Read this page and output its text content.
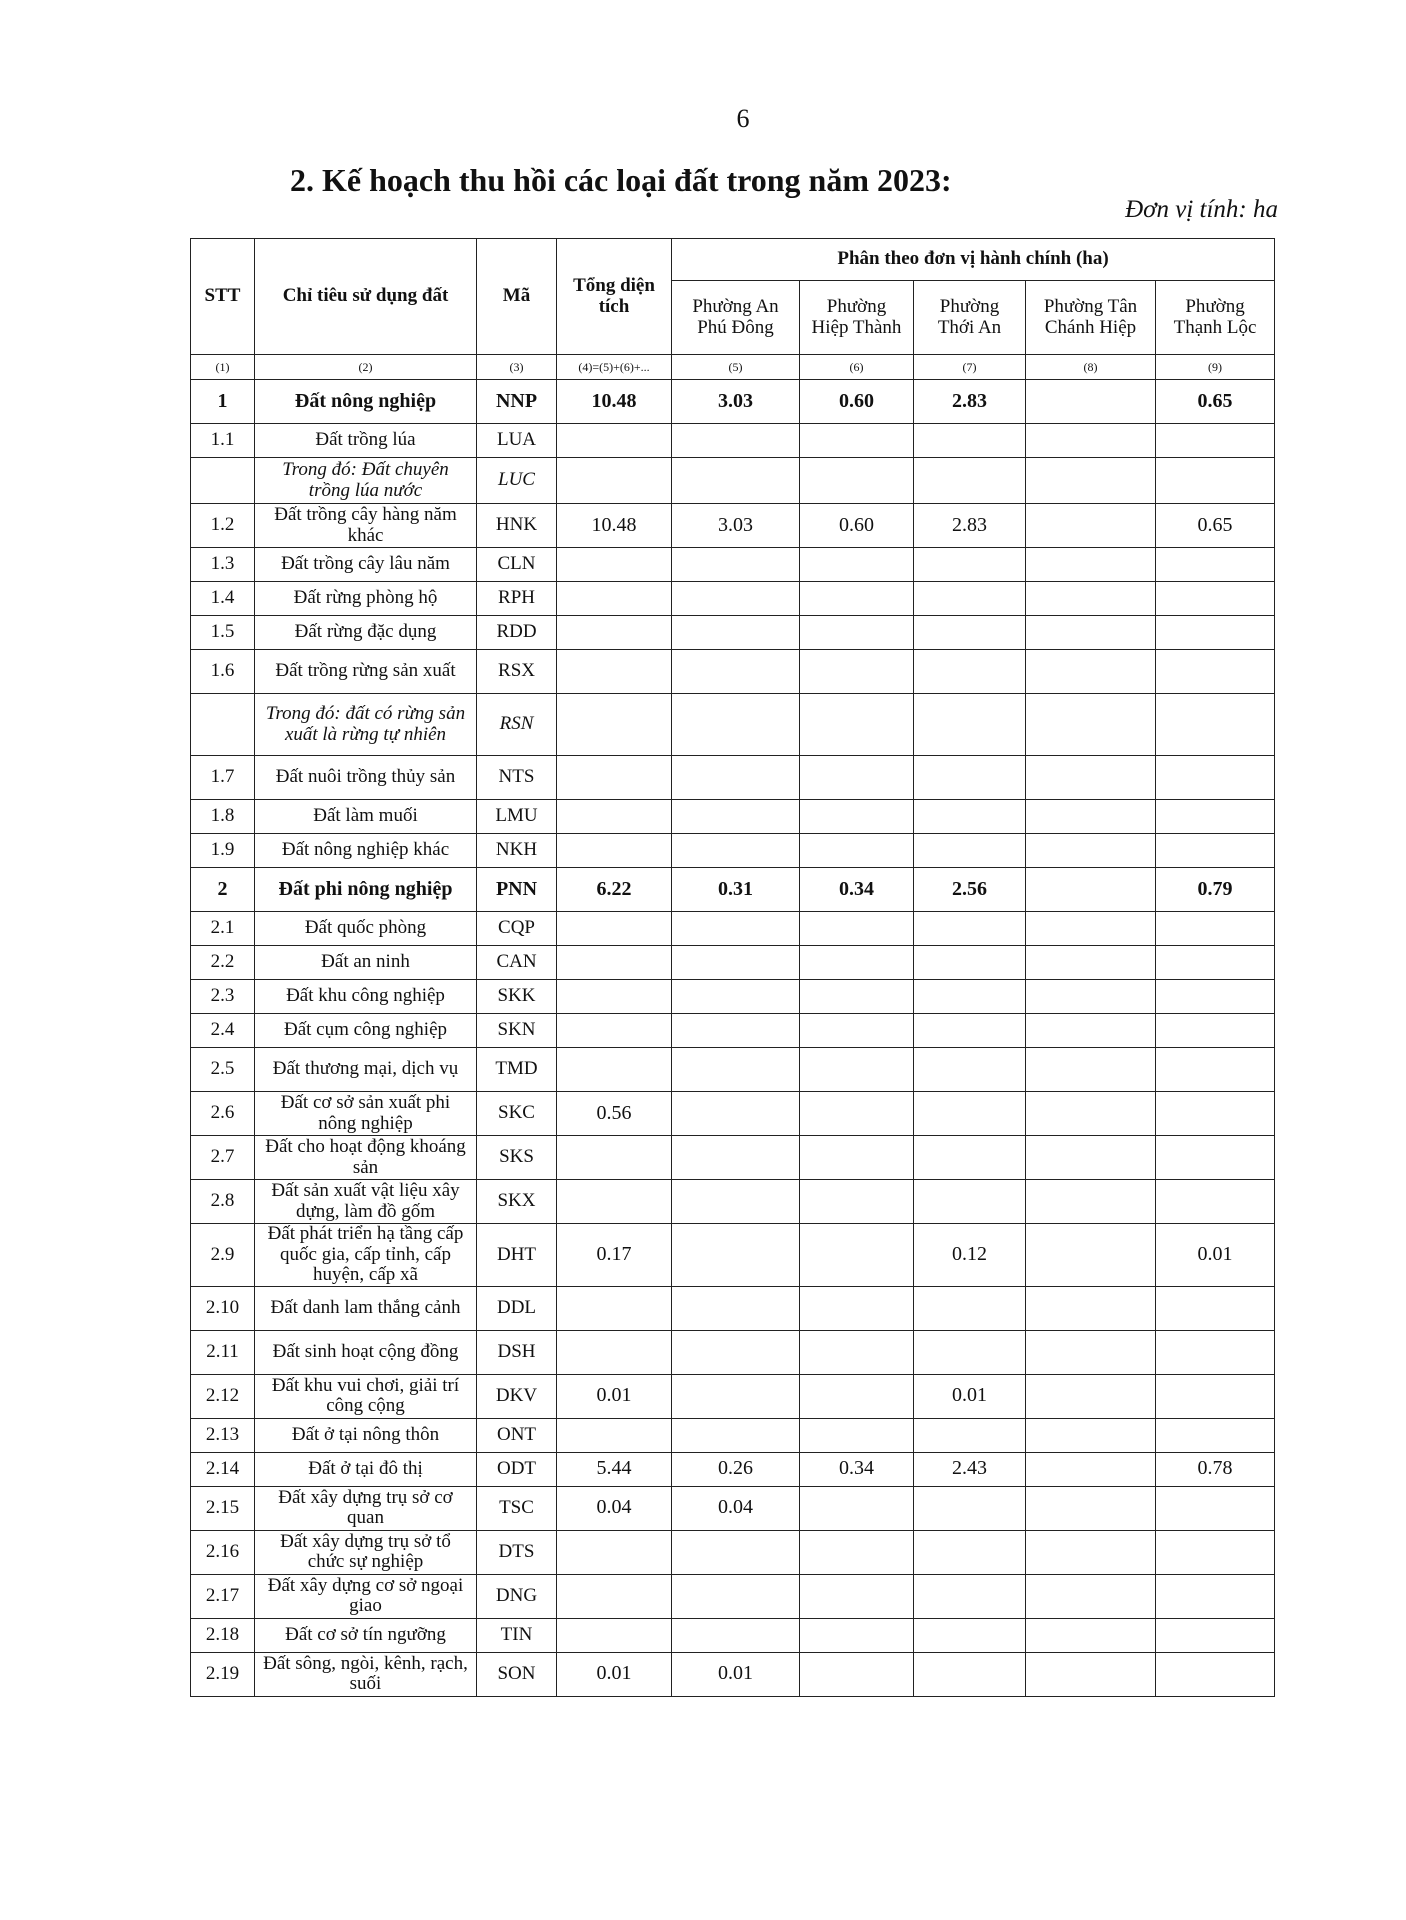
6
2. Kế hoạch thu hồi các loại đất trong năm 2023:
Đơn vị tính: ha
STT	Chỉ tiêu sử dụng đất	Mã	Tổng diện tích	Phân theo đơn vị hành chính (ha)				
				Phường An Phú Đông	Phường Hiệp Thành	Phường Thới An	Phường Tân Chánh Hiệp	Phường Thạnh Lộc
(1)	(2)	(3)	(4)=(5)+(6)+...	(5)	(6)	(7)	(8)	(9)
1	Đất nông nghiệp	NNP	10.48	3.03	0.60	2.83		0.65
1.1	Đất trồng lúa	LUA						
	Trong đó: Đất chuyên trồng lúa nước	LUC						
1.2	Đất trồng cây hàng năm khác	HNK	10.48	3.03	0.60	2.83		0.65
1.3	Đất trồng cây lâu năm	CLN						
1.4	Đất rừng phòng hộ	RPH						
1.5	Đất rừng đặc dụng	RDD						
1.6	Đất trồng rừng sản xuất	RSX						
	Trong đó: đất có rừng sản xuất là rừng tự nhiên	RSN						
1.7	Đất nuôi trồng thủy sản	NTS						
1.8	Đất làm muối	LMU						
1.9	Đất nông nghiệp khác	NKH						
2	Đất phi nông nghiệp	PNN	6.22	0.31	0.34	2.56		0.79
2.1	Đất quốc phòng	CQP						
2.2	Đất an ninh	CAN						
2.3	Đất khu công nghiệp	SKK						
2.4	Đất cụm công nghiệp	SKN						
2.5	Đất thương mại, dịch vụ	TMD						
2.6	Đất cơ sở sản xuất phi nông nghiệp	SKC	0.56					
2.7	Đất cho hoạt động khoáng sản	SKS						
2.8	Đất sản xuất vật liệu xây dựng, làm đồ gốm	SKX						
2.9	Đất phát triển hạ tầng cấp quốc gia, cấp tỉnh, cấp huyện, cấp xã	DHT	0.17			0.12		0.01
2.10	Đất danh lam thắng cảnh	DDL						
2.11	Đất sinh hoạt cộng đồng	DSH						
2.12	Đất khu vui chơi, giải trí công cộng	DKV	0.01			0.01		
2.13	Đất ở tại nông thôn	ONT						
2.14	Đất ở tại đô thị	ODT	5.44	0.26	0.34	2.43		0.78
2.15	Đất xây dựng trụ sở cơ quan	TSC	0.04	0.04				
2.16	Đất xây dựng trụ sở tổ chức sự nghiệp	DTS						
2.17	Đất xây dựng cơ sở ngoại giao	DNG						
2.18	Đất cơ sở tín ngưỡng	TIN						
2.19	Đất sông, ngòi, kênh, rạch, suối	SON	0.01	0.01				
